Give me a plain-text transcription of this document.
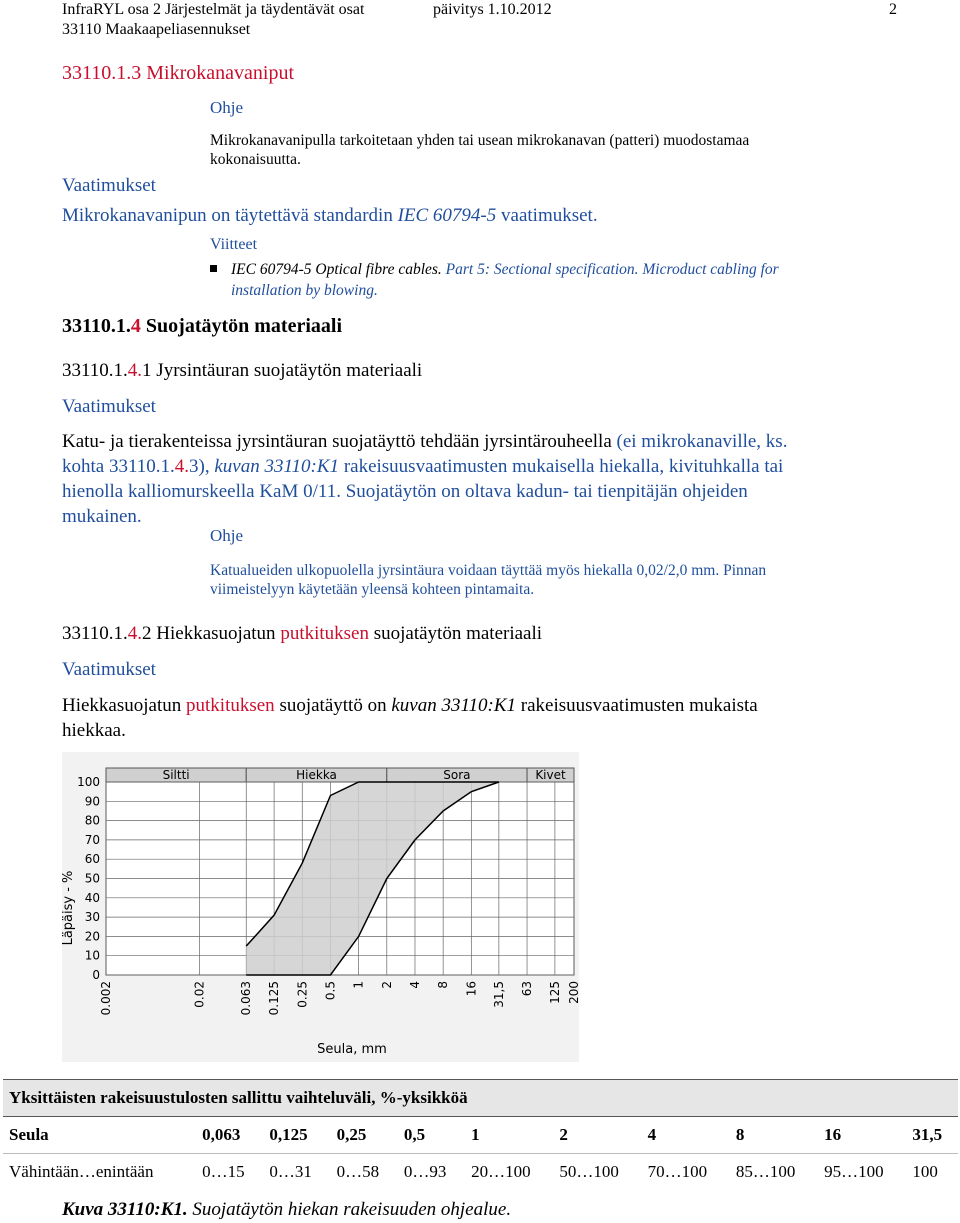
InfraRYL osa 2 Järjestelmät ja täydentävät osat
33110 Maakaapeliasennukset
päivitys 1.10.2012	2
33110.1.3 Mikrokanavaniput
Ohje
Mikrokanavanipulla tarkoitetaan yhden tai usean mikrokanavan (patteri) muodostamaa
kokonaisuutta.
Vaatimukset
Mikrokanavanipun on täytettävä standardin IEC 60794-5 vaatimukset.
Viitteet
IEC 60794-5 Optical fibre cables. Part 5: Sectional specification. Microduct cabling for
installation by blowing.
33110.1.4 Suojatäytön materiaali
33110.1.4.1 Jyrsintäuran suojatäytön materiaali
Vaatimukset
Katu- ja tierakenteissa jyrsintäuran suojatäyttö tehdään jyrsintärouheella (ei mikrokanaville, ks.
kohta 33110.1.4.3), kuvan 33110:K1 rakeisuusvaatimusten mukaisella hiekalla, kivituhkalla tai
hienolla kalliomurskeella KaM 0/11. Suojatäytön on oltava kadun- tai tienpitäjän ohjeiden
mukainen.
Ohje
Katualueiden ulkopuolella jyrsintäura voidaan täyttää myös hiekalla 0,02/2,0 mm. Pinnan
viimeistelyyn käytetään yleensä kohteen pintamaita.
33110.1.4.2 Hiekkasuojatun putkituksen suojatäytön materiaali
Vaatimukset
Hiekkasuojatun putkituksen suojatäyttö on kuvan 33110:K1 rakeisuusvaatimusten mukaista
hiekkaa.
Siltti	Hiekka	Sora	Kivet
0
10
20
30
40
50
60
70
80
90
100
0.002	0.02	0.063 0.125 0.25 0.5 1 2 4 8 16 31,5 63 125 200
Läpäisy - %
Seula, mm
Yksittäisten rakeisuustulosten sallittu vaihteluväli, %-yksikköä										
Seula	0,063	0,125	0,25	0,5	1	2	4	8	16	31,5
Vähintään…enintään	0…15	0…31	0…58	0…93	20…100	50…100	70…100	85…100	95…100	100
Kuva 33110:K1. Suojatäytön hiekan rakeisuuden ohjealue.
